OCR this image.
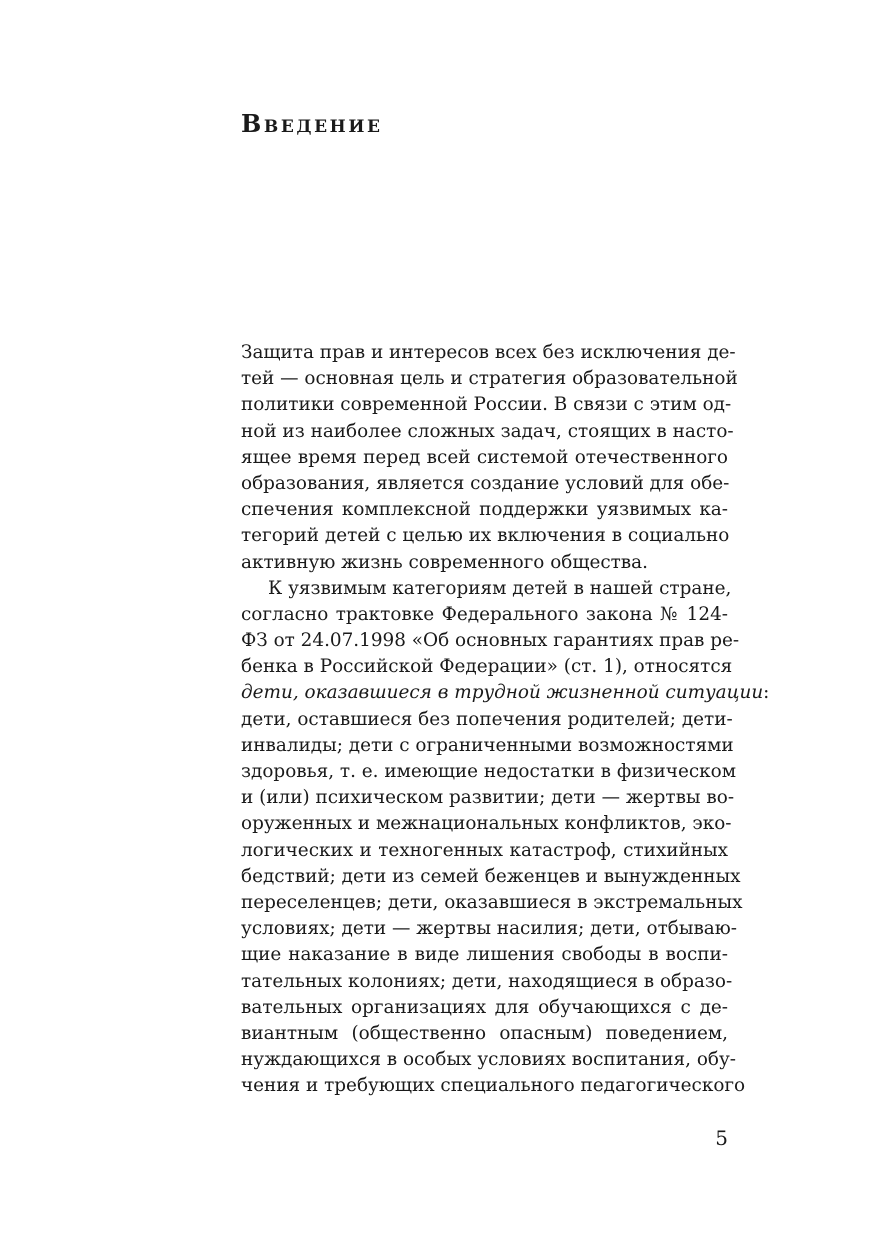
Введение
Защита прав и интересов всех без исключения де-
тей — основная цель и стратегия образовательной
политики современной России. В связи с этим од-
ной из наиболее сложных задач, стоящих в насто-
ящее время перед всей системой отечественного
образования, является создание условий для обе-
спечения комплексной поддержки уязвимых ка-
тегорий детей с целью их включения в социально
активную жизнь современного общества.
К уязвимым категориям детей в нашей стране,
согласно трактовке Федерального закона № 124-
ФЗ от 24.07.1998 «Об основных гарантиях прав ре-
бенка в Российской Федерации» (ст. 1), относятся
дети, оказавшиеся в трудной жизненной ситуации:
дети, оставшиеся без попечения родителей; дети-
инвалиды; дети с ограниченными возможностями
здоровья, т. е. имеющие недостатки в физическом
и (или) психическом развитии; дети — жертвы во-
оруженных и межнациональных конфликтов, эко-
логических и техногенных катастроф, стихийных
бедствий; дети из семей беженцев и вынужденных
переселенцев; дети, оказавшиеся в экстремальных
условиях; дети — жертвы насилия; дети, отбываю-
щие наказание в виде лишения свободы в воспи-
тательных колониях; дети, находящиеся в образо-
вательных организациях для обучающихся с де-
виантным (общественно опасным) поведением,
нуждающихся в особых условиях воспитания, обу-
чения и требующих специального педагогического
5
